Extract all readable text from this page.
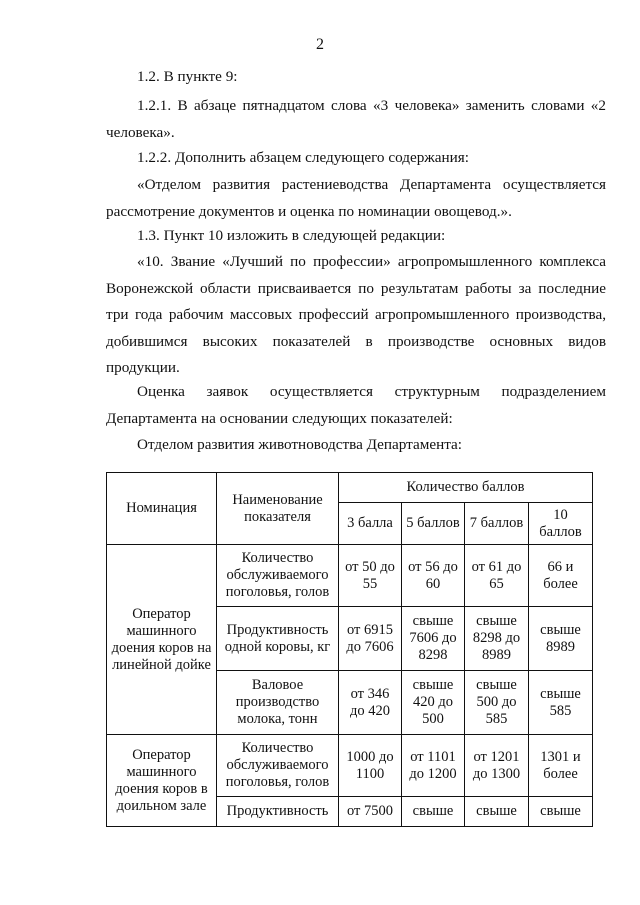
2
1.2. В пункте 9:
1.2.1. В абзаце пятнадцатом слова «3 человека» заменить словами «2 человека».
1.2.2. Дополнить абзацем следующего содержания:
«Отделом развития растениеводства Департамента осуществляется рассмотрение документов и оценка по номинации овощевод.».
1.3. Пункт 10 изложить в следующей редакции:
«10. Звание «Лучший по профессии» агропромышленного комплекса Воронежской области присваивается по результатам работы за последние три года рабочим массовых профессий агропромышленного производства, добившимся высоких показателей в производстве основных видов продукции.
Оценка заявок осуществляется структурным подразделением Департамента на основании следующих показателей:
Отделом развития животноводства Департамента:
Номинация	Наименование показателя	Количество баллов			
		3 балла	5 баллов	7 баллов	10 баллов
Оператор машинного доения коров на линейной дойке	Количество обслуживаемого поголовья, голов	от 50 до 55	от 56 до 60	от 61 до 65	66 и более
	Продуктивность одной коровы, кг	от 6915 до 7606	свыше 7606 до 8298	свыше 8298 до 8989	свыше 8989
	Валовое производство молока, тонн	от 346 до 420	свыше 420 до 500	свыше 500 до 585	свыше 585
Оператор машинного доения коров в доильном зале	Количество обслуживаемого поголовья, голов	1000 до 1100	от 1101 до 1200	от 1201 до 1300	1301 и более
	Продуктивность	от 7500	свыше	свыше	свыше
